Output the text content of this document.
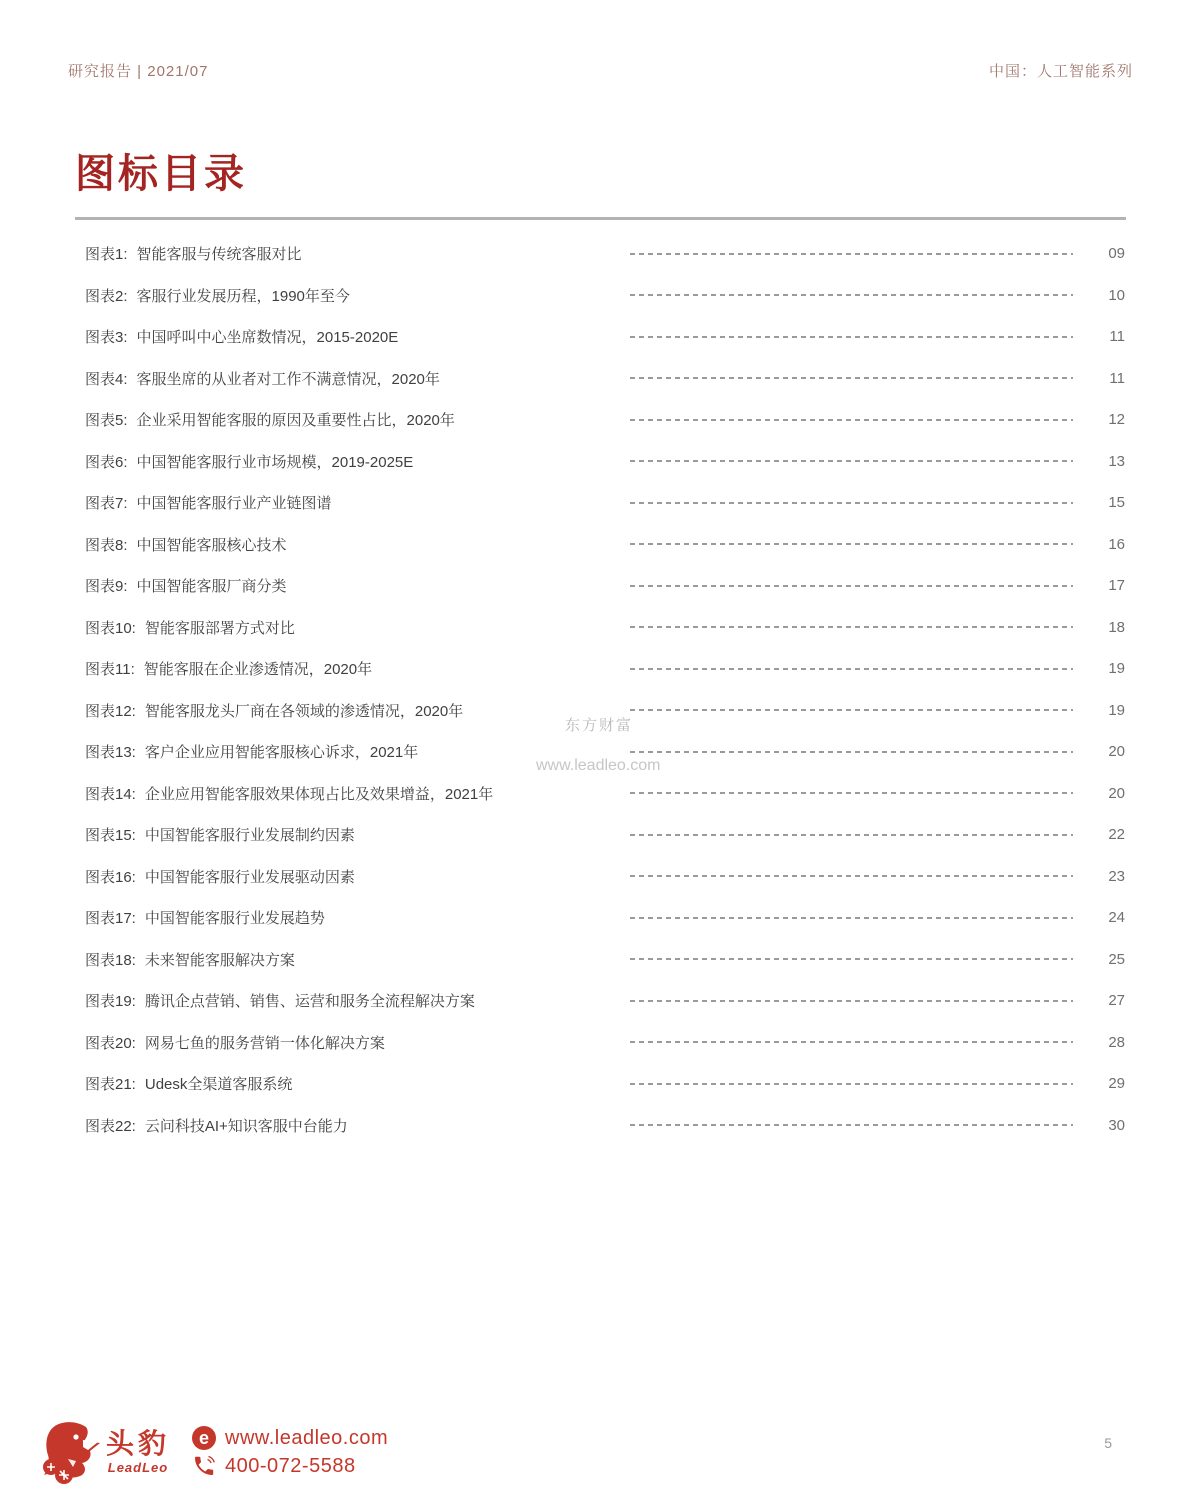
研究报告 | 2021/07	中国：人工智能系列
图标目录
图表1: 智能客服与传统客服对比	09
图表2: 客服行业发展历程，1990年至今	10
图表3: 中国呼叫中心坐席数情况，2015-2020E	11
图表4: 客服坐席的从业者对工作不满意情况，2020年	11
图表5: 企业采用智能客服的原因及重要性占比，2020年	12
图表6: 中国智能客服行业市场规模，2019-2025E	13
图表7: 中国智能客服行业产业链图谱	15
图表8: 中国智能客服核心技术	16
图表9: 中国智能客服厂商分类	17
图表10: 智能客服部署方式对比	18
图表11: 智能客服在企业渗透情况，2020年	19
图表12: 智能客服龙头厂商在各领域的渗透情况，2020年	19
图表13: 客户企业应用智能客服核心诉求，2021年	20
图表14: 企业应用智能客服效果体现占比及效果增益，2021年	20
图表15: 中国智能客服行业发展制约因素	22
图表16: 中国智能客服行业发展驱动因素	23
图表17: 中国智能客服行业发展趋势	24
图表18: 未来智能客服解决方案	25
图表19: 腾讯企点营销、销售、运营和服务全流程解决方案	27
图表20: 网易七鱼的服务营销一体化解决方案	28
图表21: Udesk全渠道客服系统	29
图表22: 云问科技AI+知识客服中台能力	30
东方财富
www.leadleo.com
头豹
LeadLeo
e www.leadleo.com
400-072-5588
5
